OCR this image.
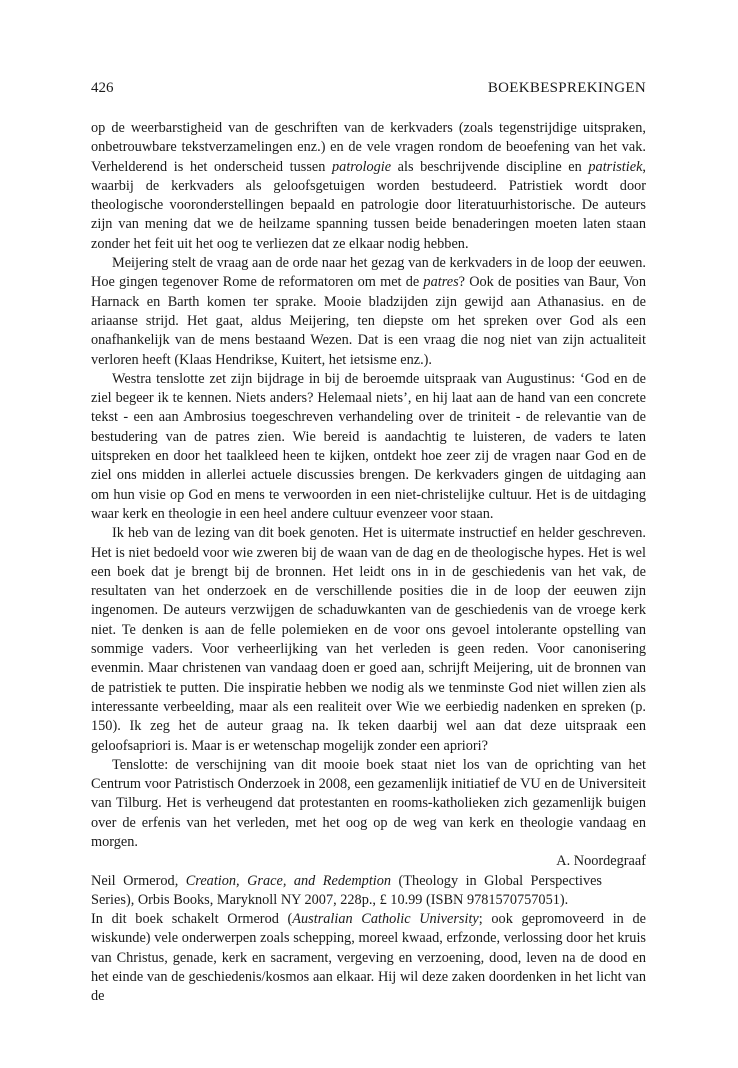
426	BOEKBESPREKINGEN

op de weerbarstigheid van de geschriften van de kerkvaders (zoals tegenstrijdige uitspraken, onbetrouwbare tekstverzamelingen enz.) en de vele vragen rondom de beoefening van het vak. Verhelderend is het onderscheid tussen patrologie als beschrijvende discipline en patristiek, waarbij de kerkvaders als geloofsgetuigen worden bestudeerd. Patristiek wordt door theologische vooronderstellingen bepaald en patrologie door literatuurhistorische. De auteurs zijn van mening dat we de heilzame spanning tussen beide benaderingen moeten laten staan zonder het feit uit het oog te verliezen dat ze elkaar nodig hebben.

Meijering stelt de vraag aan de orde naar het gezag van de kerkvaders in de loop der eeuwen. Hoe gingen tegenover Rome de reformatoren om met de patres? Ook de posities van Baur, Von Harnack en Barth komen ter sprake. Mooie bladzijden zijn gewijd aan Athanasius. en de ariaanse strijd. Het gaat, aldus Meijering, ten diepste om het spreken over God als een onafhankelijk van de mens bestaand Wezen. Dat is een vraag die nog niet van zijn actualiteit verloren heeft (Klaas Hendrikse, Kuitert, het ietsisme enz.).

Westra tenslotte zet zijn bijdrage in bij de beroemde uitspraak van Augustinus: ‘God en de ziel begeer ik te kennen. Niets anders? Helemaal niets’, en hij laat aan de hand van een concrete tekst - een aan Ambrosius toegeschreven verhandeling over de triniteit - de relevantie van de bestudering van de patres zien. Wie bereid is aandachtig te luisteren, de vaders te laten uitspreken en door het taalkleed heen te kijken, ontdekt hoe zeer zij de vragen naar God en de ziel ons midden in allerlei actuele discussies brengen. De kerkvaders gingen de uitdaging aan om hun visie op God en mens te verwoorden in een niet-christelijke cultuur. Het is de uitdaging waar kerk en theologie in een heel andere cultuur evenzeer voor staan.

Ik heb van de lezing van dit boek genoten. Het is uitermate instructief en helder geschreven. Het is niet bedoeld voor wie zweren bij de waan van de dag en de theologische hypes. Het is wel een boek dat je brengt bij de bronnen. Het leidt ons in in de geschiedenis van het vak, de resultaten van het onderzoek en de verschillende posities die in de loop der eeuwen zijn ingenomen. De auteurs verzwijgen de schaduwkanten van de geschiedenis van de vroege kerk niet. Te denken is aan de felle polemieken en de voor ons gevoel intolerante opstelling van sommige vaders. Voor verheerlijking van het verleden is geen reden. Voor canonisering evenmin. Maar christenen van vandaag doen er goed aan, schrijft Meijering, uit de bronnen van de patristiek te putten. Die inspiratie hebben we nodig als we tenminste God niet willen zien als interessante verbeelding, maar als een realiteit over Wie we eerbiedig nadenken en spreken (p. 150). Ik zeg het de auteur graag na. Ik teken daarbij wel aan dat deze uitspraak een geloofsapriori is. Maar is er wetenschap mogelijk zonder een apriori?

Tenslotte: de verschijning van dit mooie boek staat niet los van de oprichting van het Centrum voor Patristisch Onderzoek in 2008, een gezamenlijk initiatief de VU en de Universiteit van Tilburg. Het is verheugend dat protestanten en rooms-katholieken zich gezamenlijk buigen over de erfenis van het verleden, met het oog op de weg van kerk en theologie vandaag en morgen.

A. Noordegraaf

Neil Ormerod, Creation, Grace, and Redemption (Theology in Global Perspectives Series), Orbis Books, Maryknoll NY 2007, 228p., £ 10.99 (ISBN 9781570757051).

In dit boek schakelt Ormerod (Australian Catholic University; ook gepromoveerd in de wiskunde) vele onderwerpen zoals schepping, moreel kwaad, erfzonde, verlossing door het kruis van Christus, genade, kerk en sacrament, vergeving en verzoening, dood, leven na de dood en het einde van de geschiedenis/kosmos aan elkaar. Hij wil deze zaken doordenken in het licht van de
